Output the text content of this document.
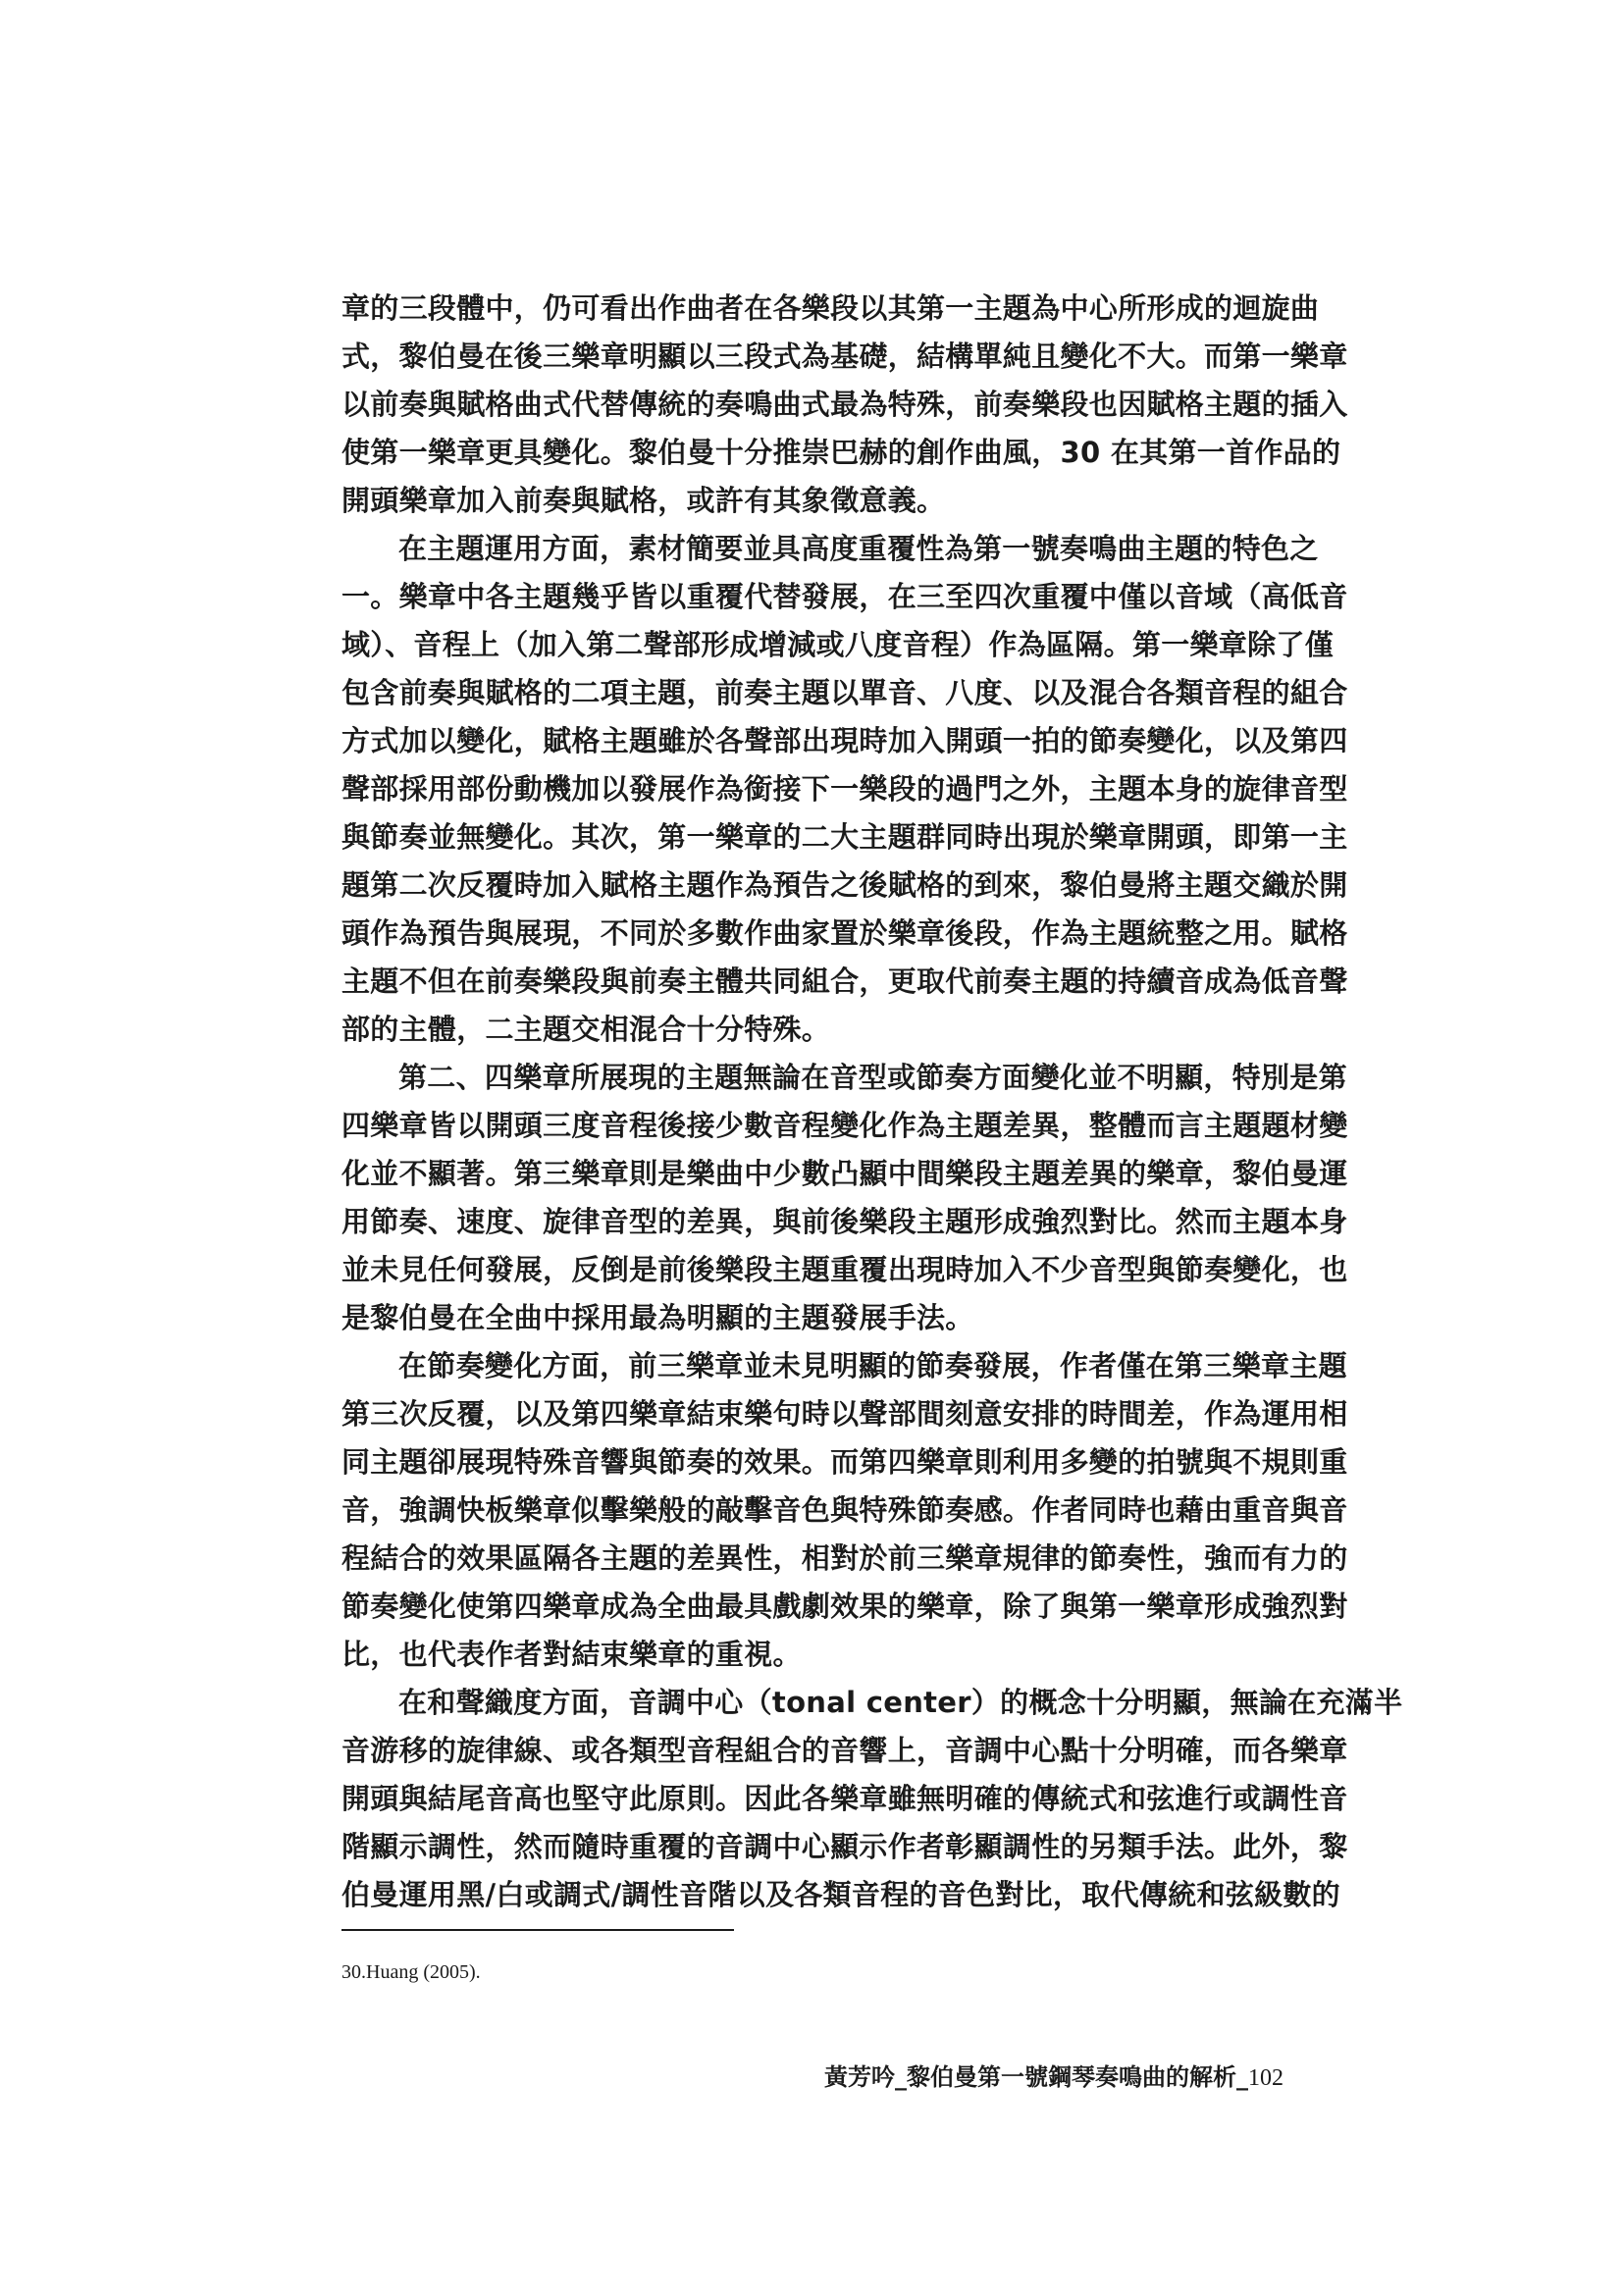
章的三段體中，仍可看出作曲者在各樂段以其第一主題為中心所形成的迴旋曲
式，黎伯曼在後三樂章明顯以三段式為基礎，結構單純且變化不大。而第一樂章
以前奏與賦格曲式代替傳統的奏鳴曲式最為特殊，前奏樂段也因賦格主題的插入
使第一樂章更具變化。黎伯曼十分推崇巴赫的創作曲風，30 在其第一首作品的
開頭樂章加入前奏與賦格，或許有其象徵意義。
在主題運用方面，素材簡要並具高度重覆性為第一號奏鳴曲主題的特色之
一。樂章中各主題幾乎皆以重覆代替發展，在三至四次重覆中僅以音域（高低音
域）、音程上（加入第二聲部形成增減或八度音程）作為區隔。第一樂章除了僅
包含前奏與賦格的二項主題，前奏主題以單音、八度、以及混合各類音程的組合
方式加以變化，賦格主題雖於各聲部出現時加入開頭一拍的節奏變化，以及第四
聲部採用部份動機加以發展作為銜接下一樂段的過門之外，主題本身的旋律音型
與節奏並無變化。其次，第一樂章的二大主題群同時出現於樂章開頭，即第一主
題第二次反覆時加入賦格主題作為預告之後賦格的到來，黎伯曼將主題交織於開
頭作為預告與展現，不同於多數作曲家置於樂章後段，作為主題統整之用。賦格
主題不但在前奏樂段與前奏主體共同組合，更取代前奏主題的持續音成為低音聲
部的主體，二主題交相混合十分特殊。
第二、四樂章所展現的主題無論在音型或節奏方面變化並不明顯，特別是第
四樂章皆以開頭三度音程後接少數音程變化作為主題差異，整體而言主題題材變
化並不顯著。第三樂章則是樂曲中少數凸顯中間樂段主題差異的樂章，黎伯曼運
用節奏、速度、旋律音型的差異，與前後樂段主題形成強烈對比。然而主題本身
並未見任何發展，反倒是前後樂段主題重覆出現時加入不少音型與節奏變化，也
是黎伯曼在全曲中採用最為明顯的主題發展手法。
在節奏變化方面，前三樂章並未見明顯的節奏發展，作者僅在第三樂章主題
第三次反覆，以及第四樂章結束樂句時以聲部間刻意安排的時間差，作為運用相
同主題卻展現特殊音響與節奏的效果。而第四樂章則利用多變的拍號與不規則重
音，強調快板樂章似擊樂般的敲擊音色與特殊節奏感。作者同時也藉由重音與音
程結合的效果區隔各主題的差異性，相對於前三樂章規律的節奏性，強而有力的
節奏變化使第四樂章成為全曲最具戲劇效果的樂章，除了與第一樂章形成強烈對
比，也代表作者對結束樂章的重視。
在和聲織度方面，音調中心（tonal center）的概念十分明顯，無論在充滿半
音游移的旋律線、或各類型音程組合的音響上，音調中心點十分明確，而各樂章
開頭與結尾音高也堅守此原則。因此各樂章雖無明確的傳統式和弦進行或調性音
階顯示調性，然而隨時重覆的音調中心顯示作者彰顯調性的另類手法。此外，黎
伯曼運用黑/白或調式/調性音階以及各類音程的音色對比，取代傳統和弦級數的
30.Huang (2005).
黃芳吟_黎伯曼第一號鋼琴奏鳴曲的解析_102
